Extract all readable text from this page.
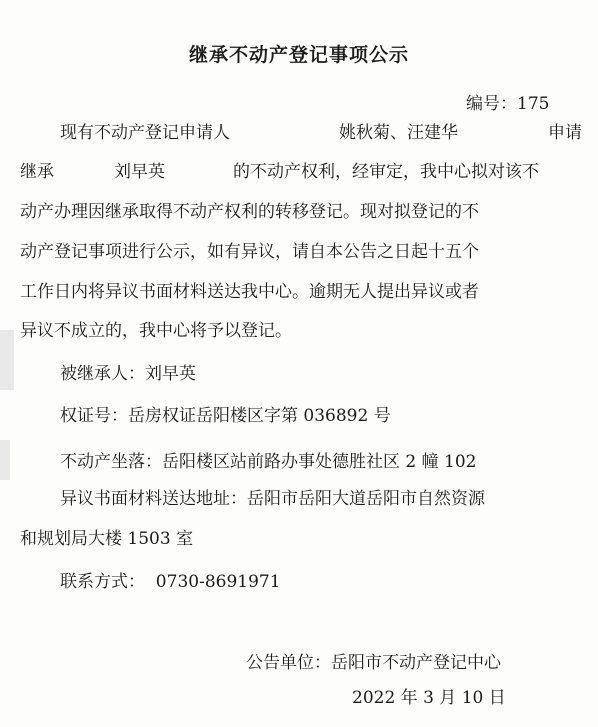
继承不动产登记事项公示
编号：175
现有不动产登记申请人	姚秋菊、汪建华	申请
继承	刘早英	的不动产权利，经审定，我中心拟对该不
动产办理因继承取得不动产权利的转移登记。现对拟登记的不
动产登记事项进行公示，如有异议，请自本公告之日起十五个
工作日内将异议书面材料送达我中心。逾期无人提出异议或者
异议不成立的，我中心将予以登记。
被继承人：刘早英
权证号：岳房权证岳阳楼区字第 036892 号
不动产坐落：岳阳楼区站前路办事处德胜社区 2 幢 102
异议书面材料送达地址：岳阳市岳阳大道岳阳市自然资源
和规划局大楼 1503 室
联系方式：  0730-8691971
公告单位：岳阳市不动产登记中心
2022 年 3 月 10 日
